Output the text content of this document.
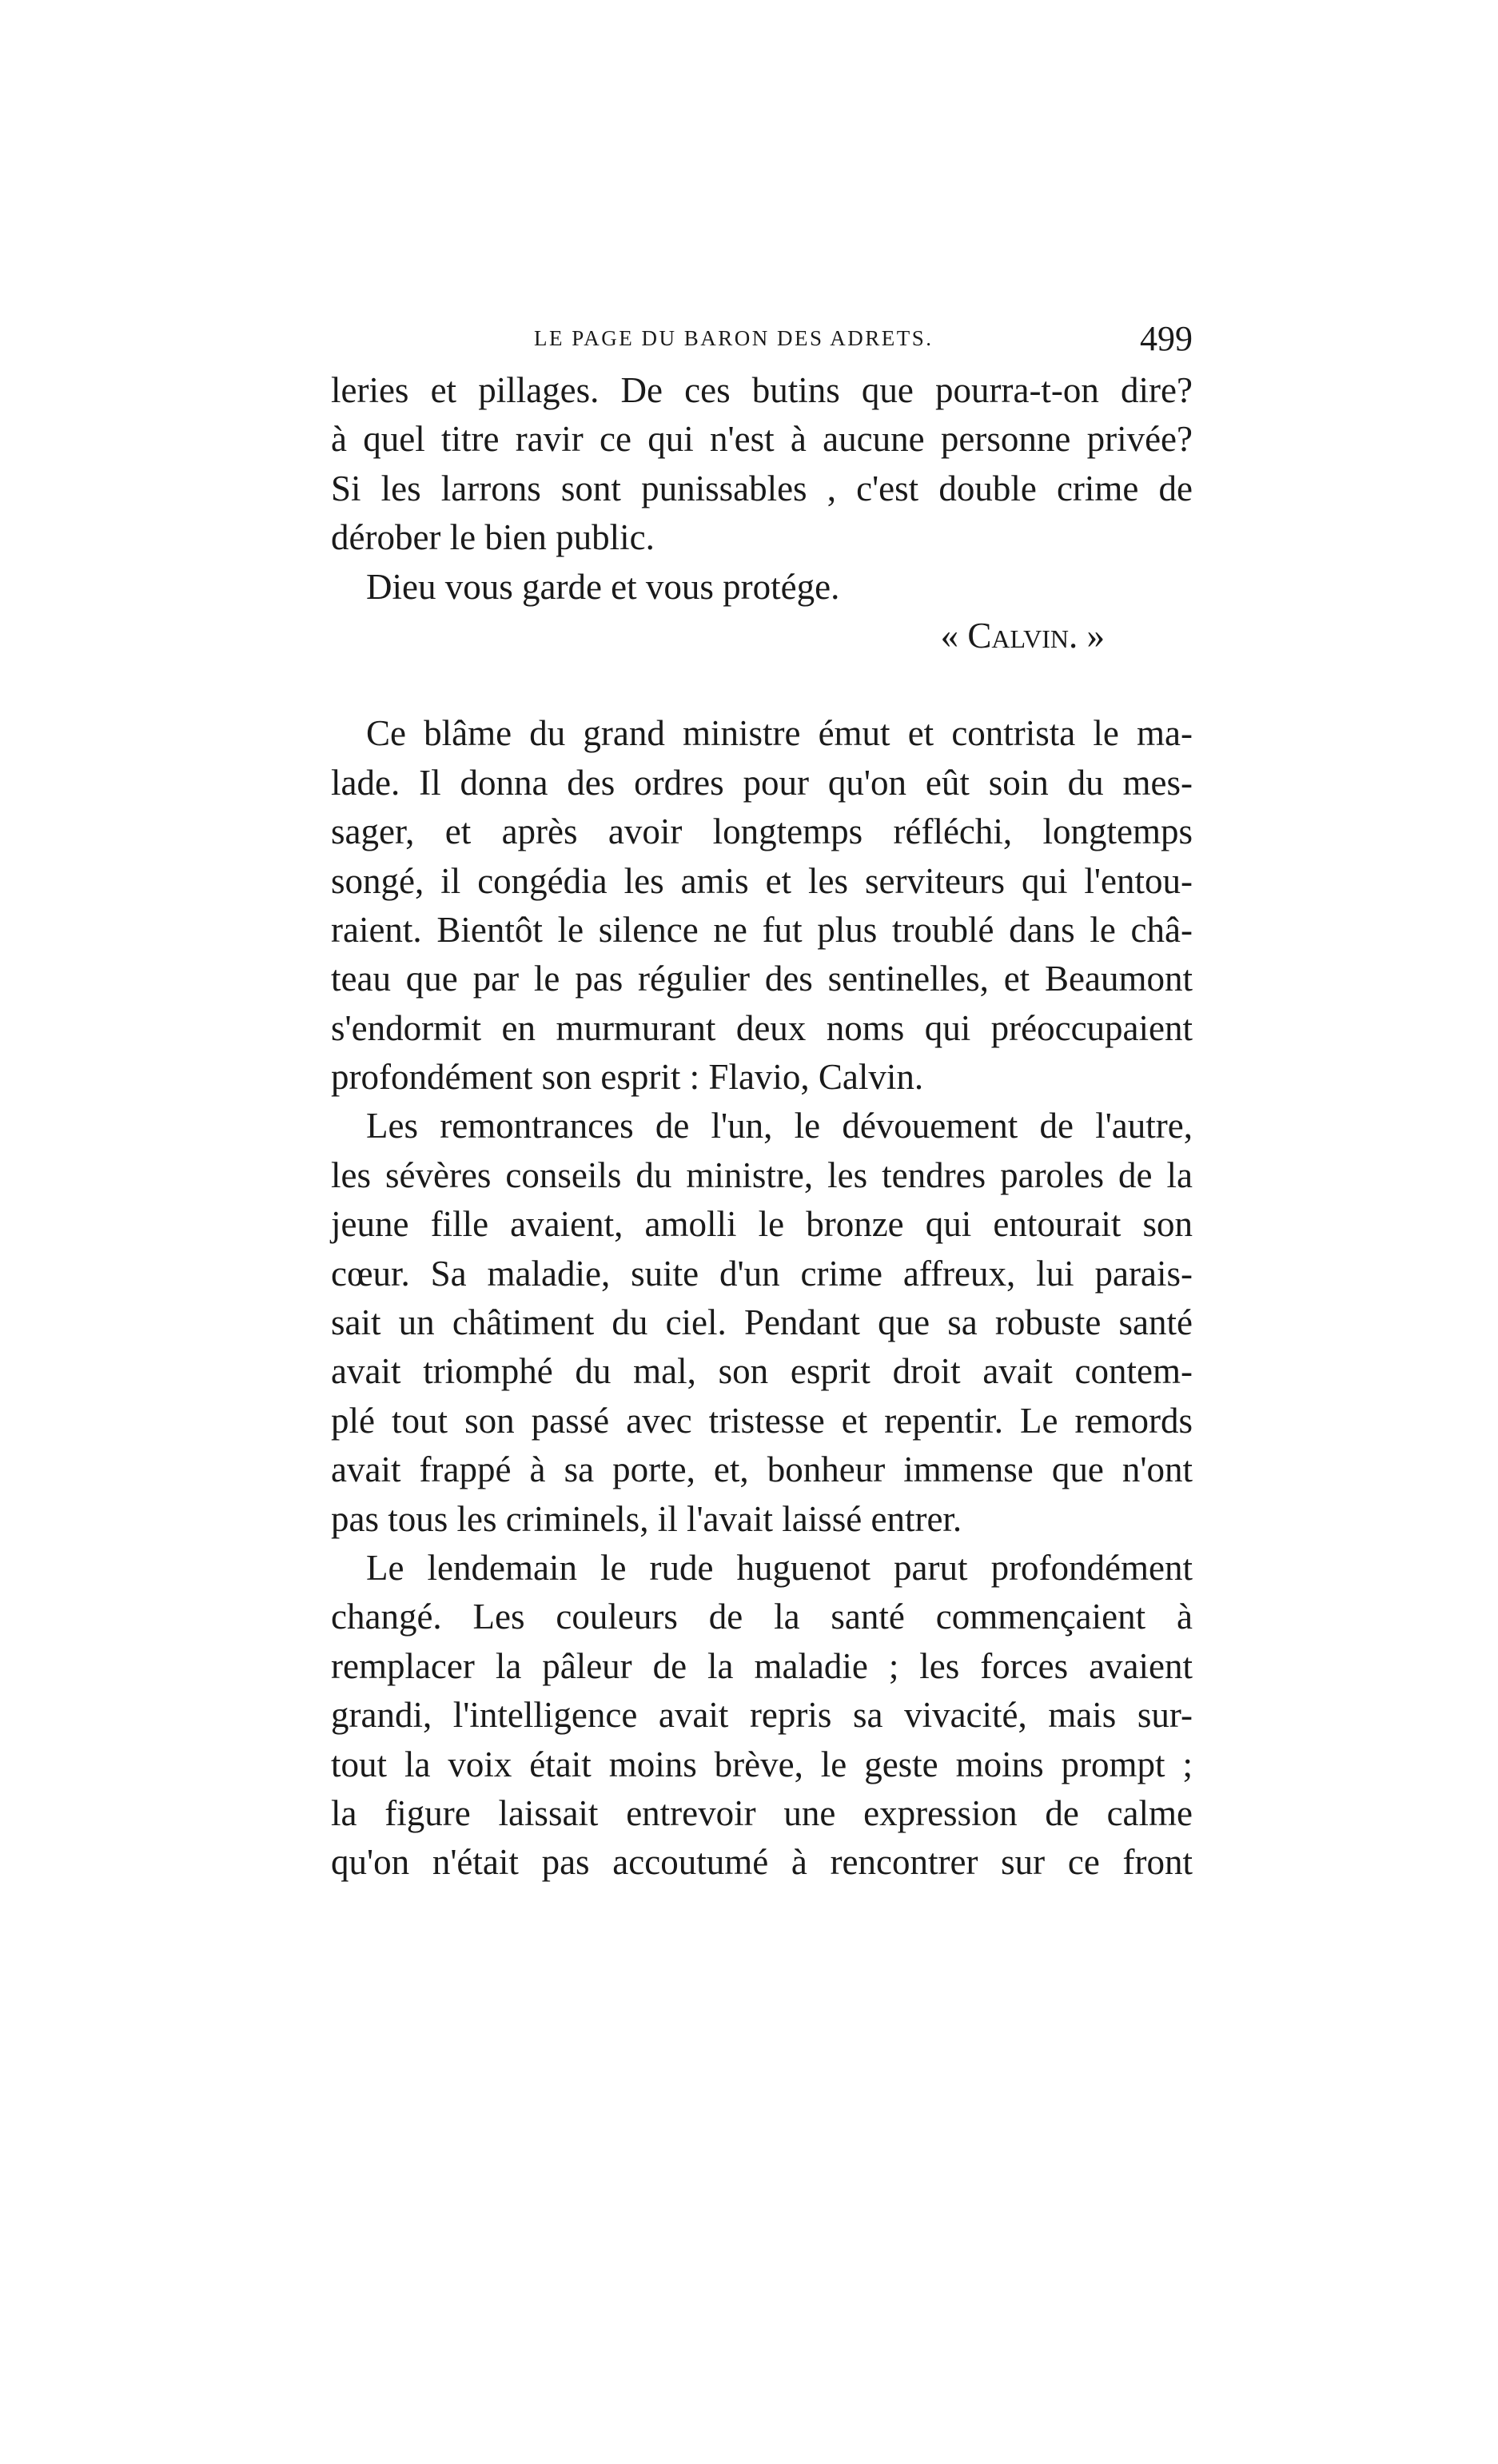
LE PAGE DU BARON DES ADRETS.	499
leries et pillages. De ces butins que pourra-t-on dire?
à quel titre ravir ce qui n'est à aucune personne privée?
Si les larrons sont punissables , c'est double crime de
dérober le bien public.
Dieu vous garde et vous protége.
« Calvin. »
Ce blâme du grand ministre émut et contrista le ma-
lade. Il donna des ordres pour qu'on eût soin du mes-
sager, et après avoir longtemps réfléchi, longtemps
songé, il congédia les amis et les serviteurs qui l'entou-
raient. Bientôt le silence ne fut plus troublé dans le châ-
teau que par le pas régulier des sentinelles, et Beaumont
s'endormit en murmurant deux noms qui préoccupaient
profondément son esprit : Flavio, Calvin.
Les remontrances de l'un, le dévouement de l'autre,
les sévères conseils du ministre, les tendres paroles de la
jeune fille avaient, amolli le bronze qui entourait son
cœur. Sa maladie, suite d'un crime affreux, lui parais-
sait un châtiment du ciel. Pendant que sa robuste santé
avait triomphé du mal, son esprit droit avait contem-
plé tout son passé avec tristesse et repentir. Le remords
avait frappé à sa porte, et, bonheur immense que n'ont
pas tous les criminels, il l'avait laissé entrer.
Le lendemain le rude huguenot parut profondément
changé. Les couleurs de la santé commençaient à
remplacer la pâleur de la maladie ; les forces avaient
grandi, l'intelligence avait repris sa vivacité, mais sur-
tout la voix était moins brève, le geste moins prompt ;
la figure laissait entrevoir une expression de calme
qu'on n'était pas accoutumé à rencontrer sur ce front
